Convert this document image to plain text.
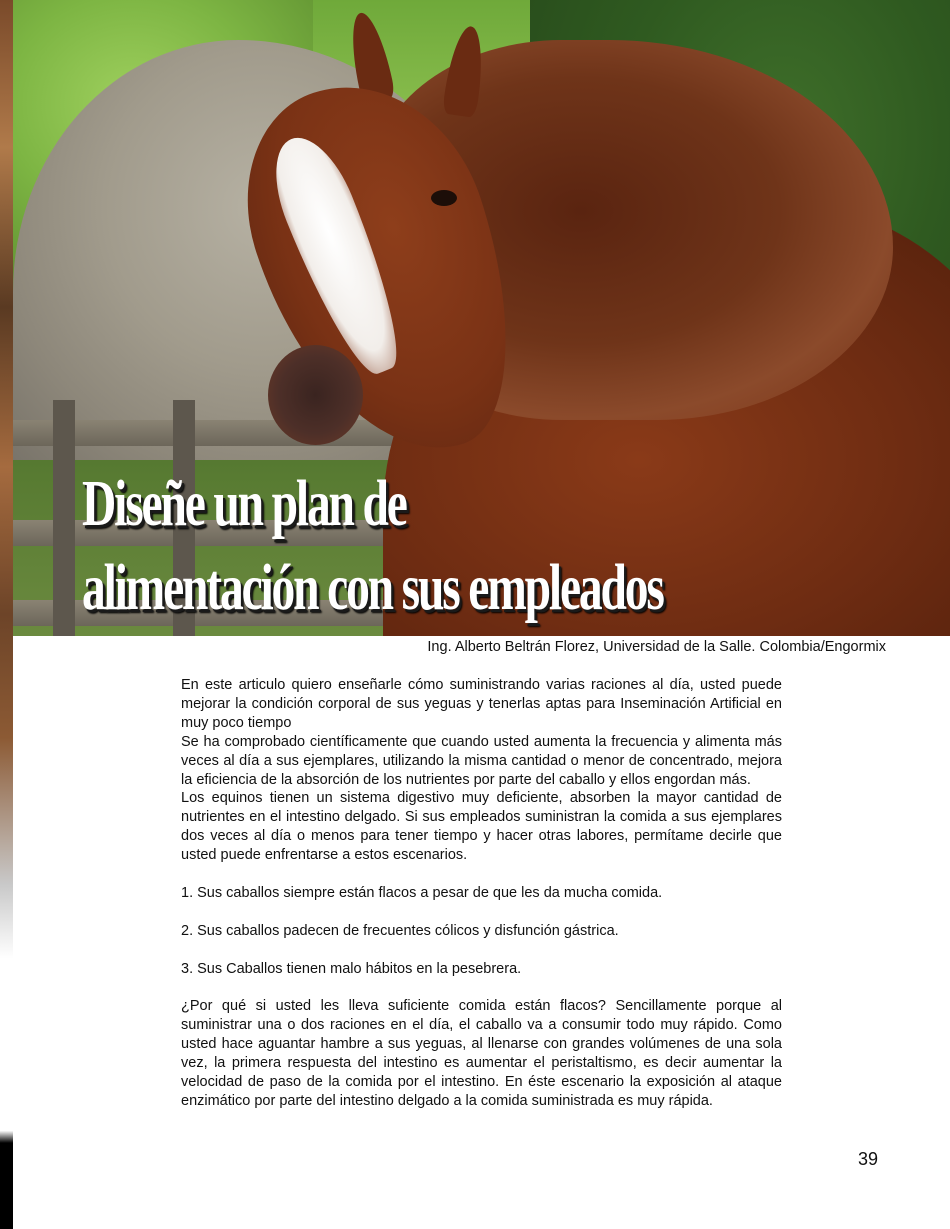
Diseñe un plan de
alimentación con sus empleados
Ing. Alberto Beltrán Florez, Universidad de la Salle. Colombia/Engormix

En este articulo quiero enseñarle cómo suministrando varias raciones al día, usted puede mejorar la condición corporal de sus yeguas y tenerlas aptas para Inseminación Artificial en muy poco tiempo

Se ha comprobado científicamente que cuando usted aumenta la frecuencia y alimenta más veces al día a sus ejemplares, utilizando la misma cantidad o menor de concentrado, mejora la eficiencia de la absorción de los nutrientes por parte del caballo y ellos engordan más.

Los equinos tienen un sistema digestivo muy deficiente, absorben la mayor cantidad de nutrientes en el intestino delgado. Si sus empleados suministran la comida a sus ejemplares dos veces al día o menos para tener tiempo y hacer otras labores, permítame decirle que usted puede enfrentarse a estos escenarios.

1. Sus caballos siempre están flacos a pesar de que les da mucha comida.

2. Sus caballos padecen de frecuentes cólicos y disfunción gástrica.

3. Sus Caballos tienen malo hábitos en la pesebrera.

¿Por qué si usted les lleva suficiente comida están flacos? Sencillamente porque al suministrar una o dos raciones en el día, el caballo va a consumir todo muy rápido. Como usted hace aguantar hambre a sus yeguas, al llenarse con grandes volúmenes de una sola vez, la primera respuesta del intestino es aumentar el peristaltismo, es decir aumentar la velocidad de paso de la comida por el intestino. En éste escenario la exposición al ataque enzimático por parte del intestino delgado a la comida suministrada es muy rápida.

39
